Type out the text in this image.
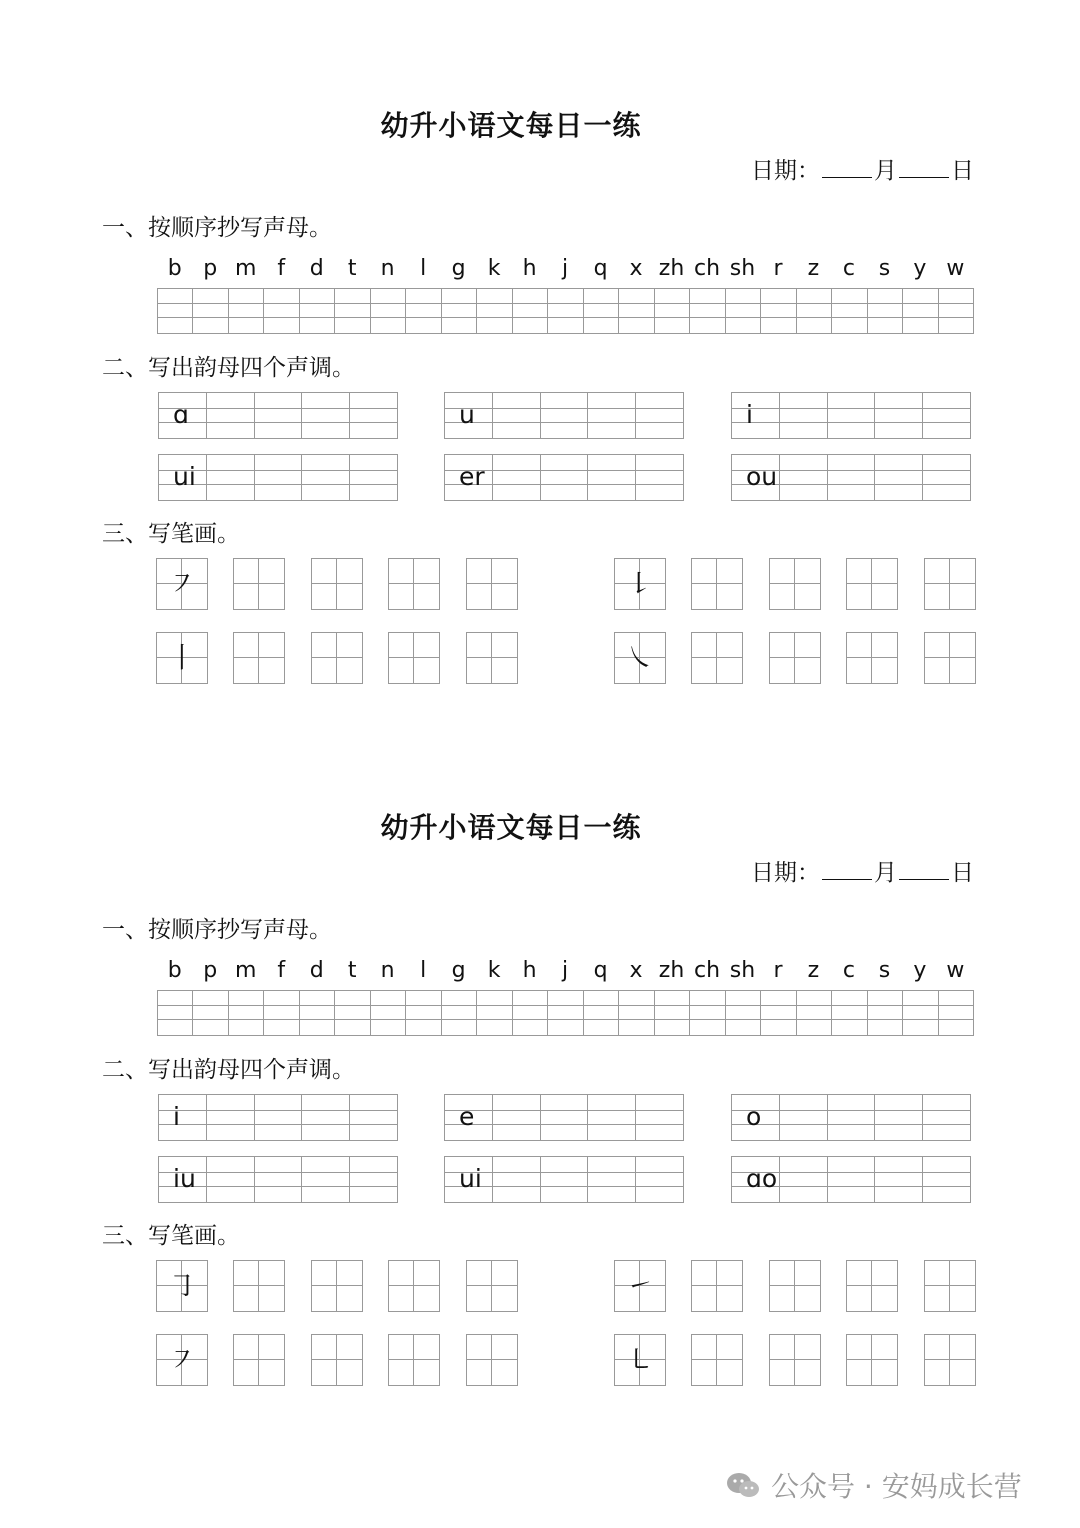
幼升小语文每日一练
日期： 月 日
一、按顺序抄写声母。
b p m f	d	t	n	l	g	k	h	j	q x zh ch sh r	z	c	s	y w
二、写出韵母四个声调。
ɑ	u	i
ui	er	ou
三、写笔画。
㇇	㇙
丨	㇏
幼升小语文每日一练
日期： 月 日
一、按顺序抄写声母。
b p m f	d	t	n	l	g	k	h	j	q x zh ch sh r	z	c	s	y w
二、写出韵母四个声调。
i	e	o
iu	ui	ɑo
三、写笔画。
㇆	㇀
㇇	㇄
公众号 · 安妈成长营
